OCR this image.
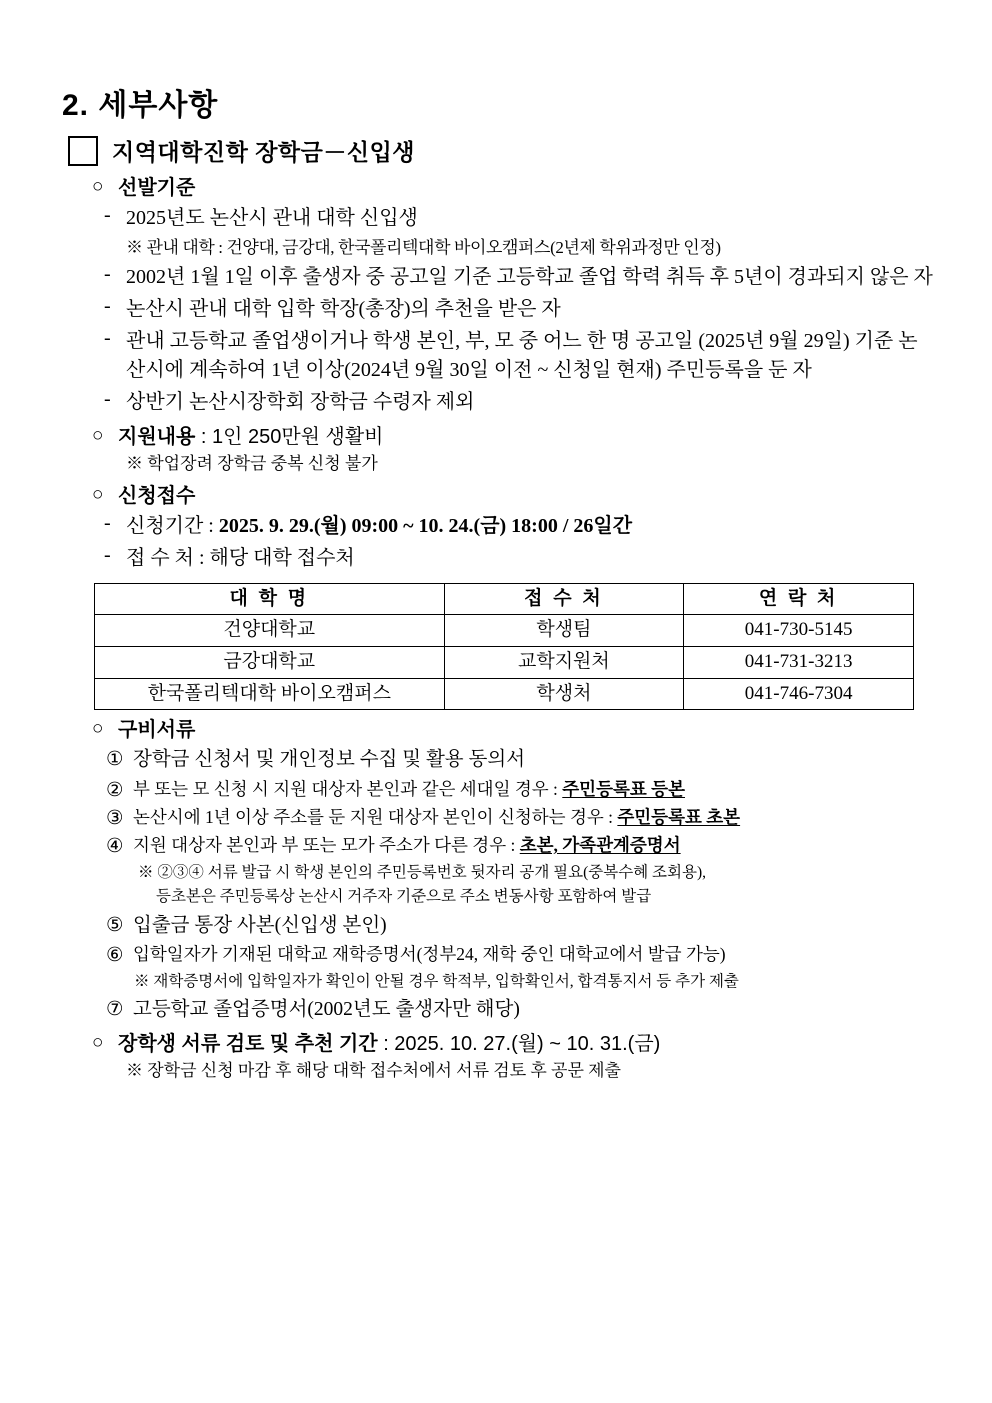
2. 세부사항
지역대학진학 장학금－신입생
○ 선발기준
- 2025년도 논산시 관내 대학 신입생
※ 관내 대학 : 건양대, 금강대, 한국폴리텍대학 바이오캠퍼스(2년제 학위과정만 인정)
- 2002년 1월 1일 이후 출생자 중 공고일 기준 고등학교 졸업 학력 취득 후 5년이 경과되지 않은 자
- 논산시 관내 대학 입학 학장(총장)의 추천을 받은 자
- 관내 고등학교 졸업생이거나 학생 본인, 부, 모 중 어느 한 명 공고일 (2025년 9월 29일) 기준 논산시에 계속하여 1년 이상(2024년 9월 30일 이전 ~ 신청일 현재) 주민등록을 둔 자
- 상반기 논산시장학회 장학금 수령자 제외
○ 지원내용 : 1인 250만원 생활비
※ 학업장려 장학금 중복 신청 불가
○ 신청접수
- 신청기간 : 2025. 9. 29.(월) 09:00 ~ 10. 24.(금) 18:00 / 26일간
- 접 수 처 : 해당 대학 접수처
대 학 명	접 수 처	연 락 처
건양대학교	학생팀	041-730-5145
금강대학교	교학지원처	041-731-3213
한국폴리텍대학 바이오캠퍼스	학생처	041-746-7304
○ 구비서류
① 장학금 신청서 및 개인정보 수집 및 활용 동의서
② 부 또는 모 신청 시 지원 대상자 본인과 같은 세대일 경우 : 주민등록표 등본
③ 논산시에 1년 이상 주소를 둔 지원 대상자 본인이 신청하는 경우 : 주민등록표 초본
④ 지원 대상자 본인과 부 또는 모가 주소가 다른 경우 : 초본, 가족관계증명서
※ ②③④ 서류 발급 시 학생 본인의 주민등록번호 뒷자리 공개 필요(중복수혜 조회용),
등초본은 주민등록상 논산시 거주자 기준으로 주소 변동사항 포함하여 발급
⑤ 입출금 통장 사본(신입생 본인)
⑥ 입학일자가 기재된 대학교 재학증명서(정부24, 재학 중인 대학교에서 발급 가능)
※ 재학증명서에 입학일자가 확인이 안될 경우 학적부, 입학확인서, 합격통지서 등 추가 제출
⑦ 고등학교 졸업증명서(2002년도 출생자만 해당)
○ 장학생 서류 검토 및 추천 기간 : 2025. 10. 27.(월) ~ 10. 31.(금)
※ 장학금 신청 마감 후 해당 대학 접수처에서 서류 검토 후 공문 제출
